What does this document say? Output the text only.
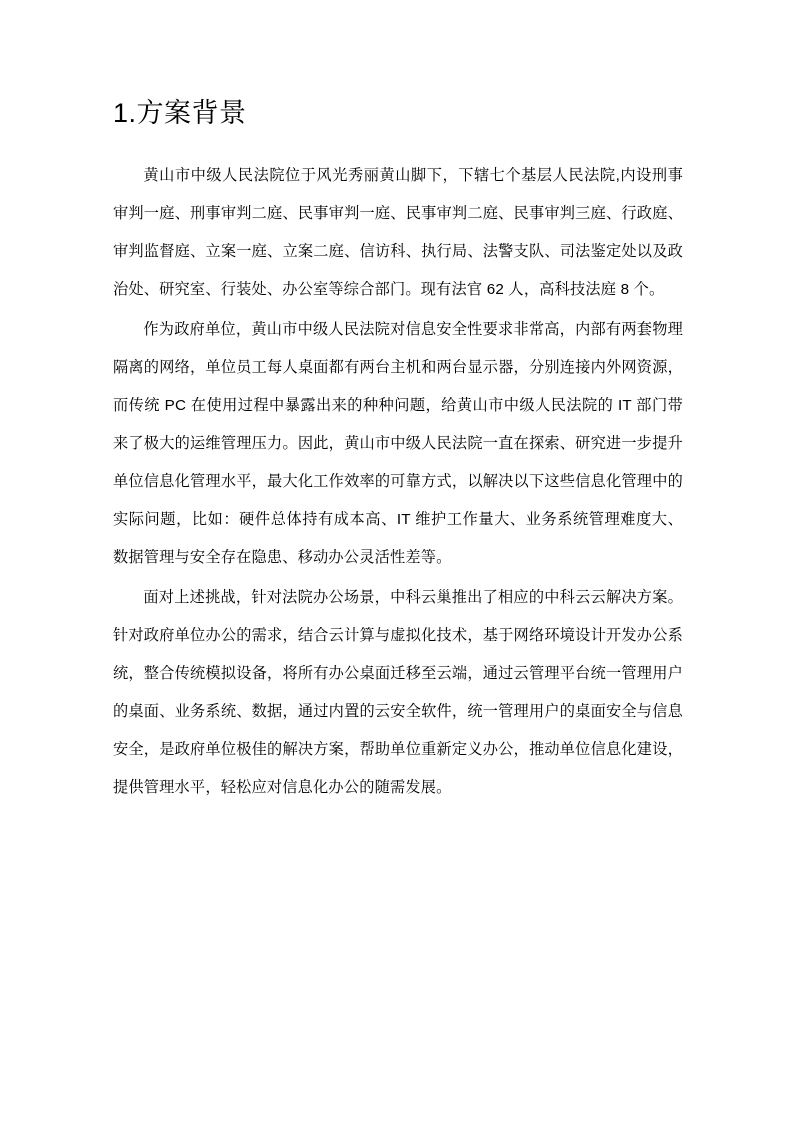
1.方案背景

黄山市中级人民法院位于风光秀丽黄山脚下，下辖七个基层人民法院,内设刑事审判一庭、刑事审判二庭、民事审判一庭、民事审判二庭、民事审判三庭、行政庭、审判监督庭、立案一庭、立案二庭、信访科、执行局、法警支队、司法鉴定处以及政治处、研究室、行装处、办公室等综合部门。现有法官 62 人，高科技法庭 8 个。

作为政府单位，黄山市中级人民法院对信息安全性要求非常高，内部有两套物理隔离的网络，单位员工每人桌面都有两台主机和两台显示器，分别连接内外网资源，而传统 PC 在使用过程中暴露出来的种种问题，给黄山市中级人民法院的 IT 部门带来了极大的运维管理压力。因此，黄山市中级人民法院一直在探索、研究进一步提升单位信息化管理水平，最大化工作效率的可靠方式，以解决以下这些信息化管理中的实际问题，比如：硬件总体持有成本高、IT 维护工作量大、业务系统管理难度大、数据管理与安全存在隐患、移动办公灵活性差等。

面对上述挑战，针对法院办公场景，中科云巢推出了相应的中科云云解决方案。针对政府单位办公的需求，结合云计算与虚拟化技术，基于网络环境设计开发办公系统，整合传统模拟设备，将所有办公桌面迁移至云端，通过云管理平台统一管理用户的桌面、业务系统、数据，通过内置的云安全软件，统一管理用户的桌面安全与信息安全，是政府单位极佳的解决方案，帮助单位重新定义办公，推动单位信息化建设，提供管理水平，轻松应对信息化办公的随需发展。
